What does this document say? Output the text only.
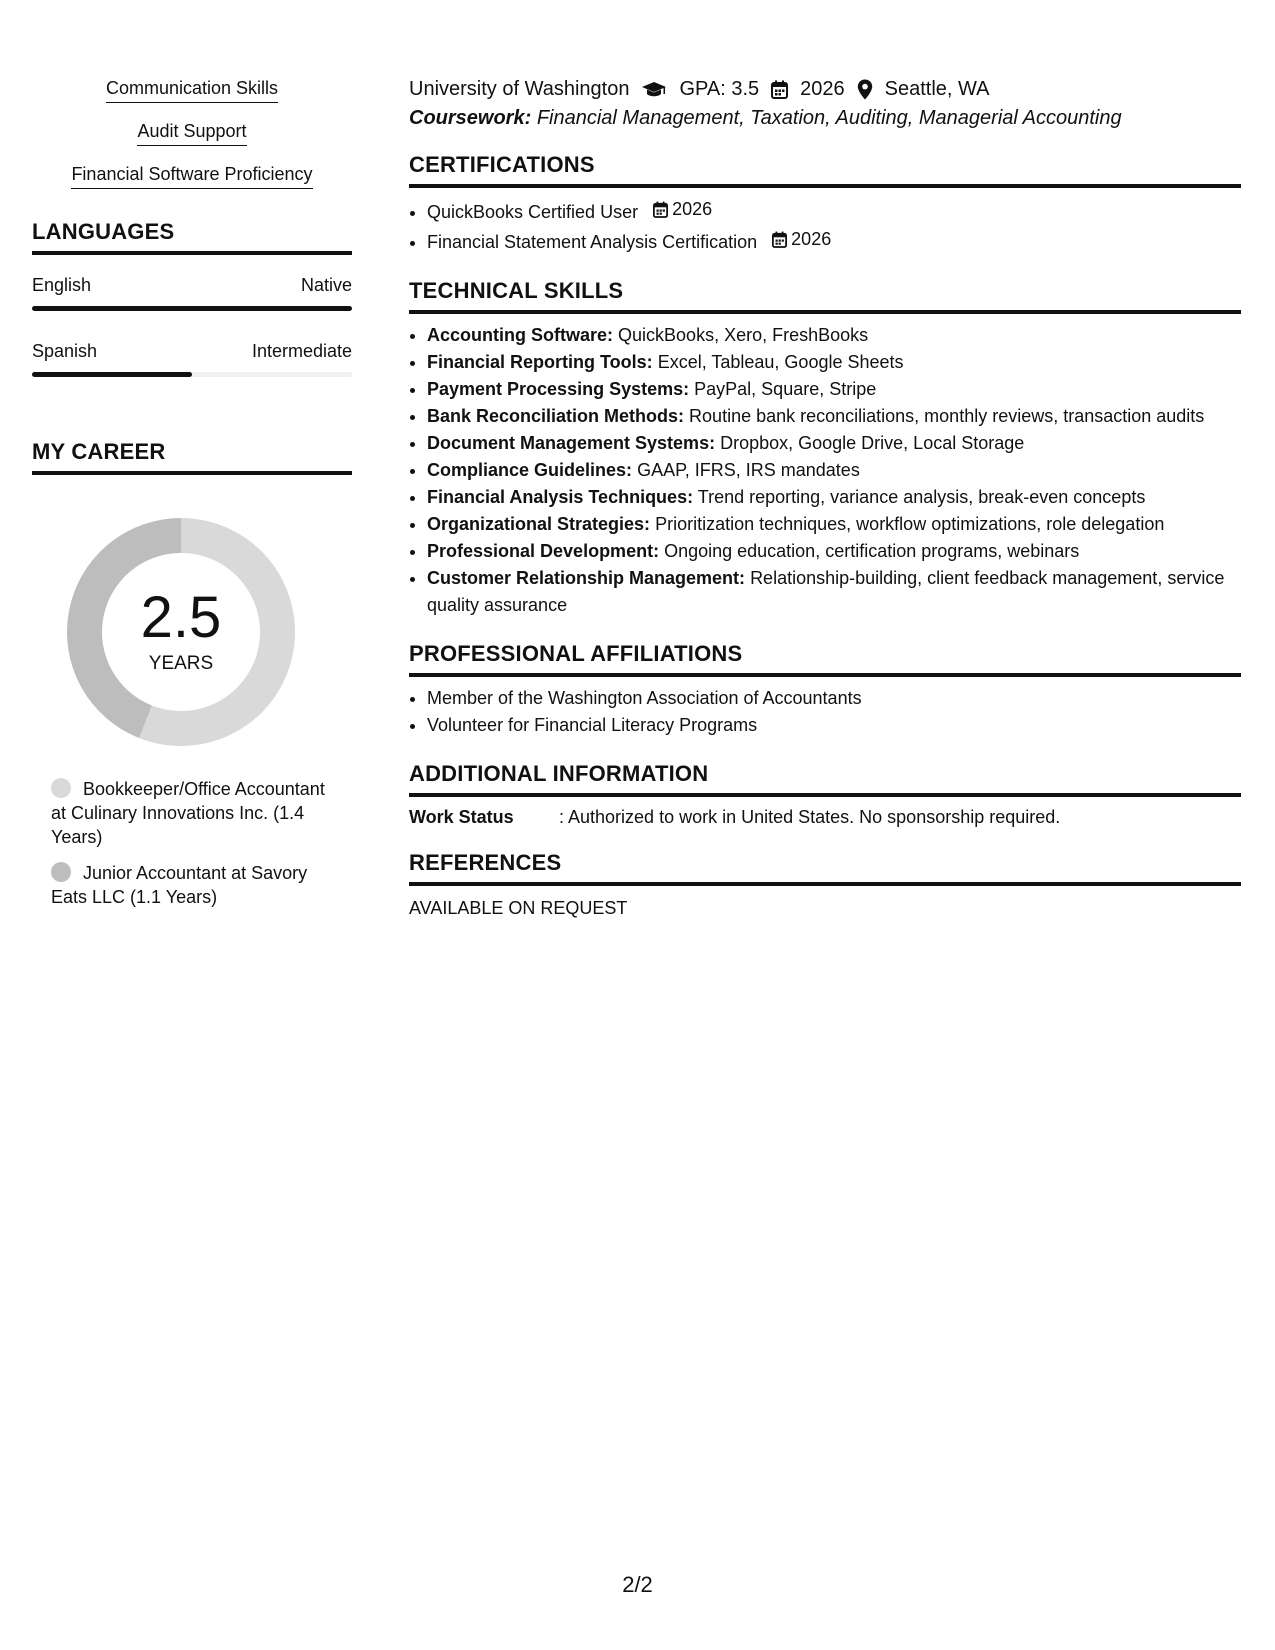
Communication Skills
Audit Support
Financial Software Proficiency
LANGUAGES
English	Native
Spanish	Intermediate
MY CAREER
2.5
YEARS
Bookkeeper/Office Accountant at Culinary Innovations Inc. (1.4 Years)
Junior Accountant at Savory Eats LLC (1.1 Years)
University of Washington	GPA: 3.5 2026 Seattle, WA
Coursework: Financial Management, Taxation, Auditing, Managerial Accounting
CERTIFICATIONS
• QuickBooks Certified User 2026
• Financial Statement Analysis Certification 2026
TECHNICAL SKILLS
• Accounting Software: QuickBooks, Xero, FreshBooks
• Financial Reporting Tools: Excel, Tableau, Google Sheets
• Payment Processing Systems: PayPal, Square, Stripe
• Bank Reconciliation Methods: Routine bank reconciliations, monthly reviews, transaction audits
• Document Management Systems: Dropbox, Google Drive, Local Storage
• Compliance Guidelines: GAAP, IFRS, IRS mandates
• Financial Analysis Techniques: Trend reporting, variance analysis, break-even concepts
• Organizational Strategies: Prioritization techniques, workflow optimizations, role delegation
• Professional Development: Ongoing education, certification programs, webinars
• Customer Relationship Management: Relationship-building, client feedback management, service quality assurance
PROFESSIONAL AFFILIATIONS
• Member of the Washington Association of Accountants
• Volunteer for Financial Literacy Programs
ADDITIONAL INFORMATION
Work Status	: Authorized to work in United States. No sponsorship required.
REFERENCES
AVAILABLE ON REQUEST
2/2
